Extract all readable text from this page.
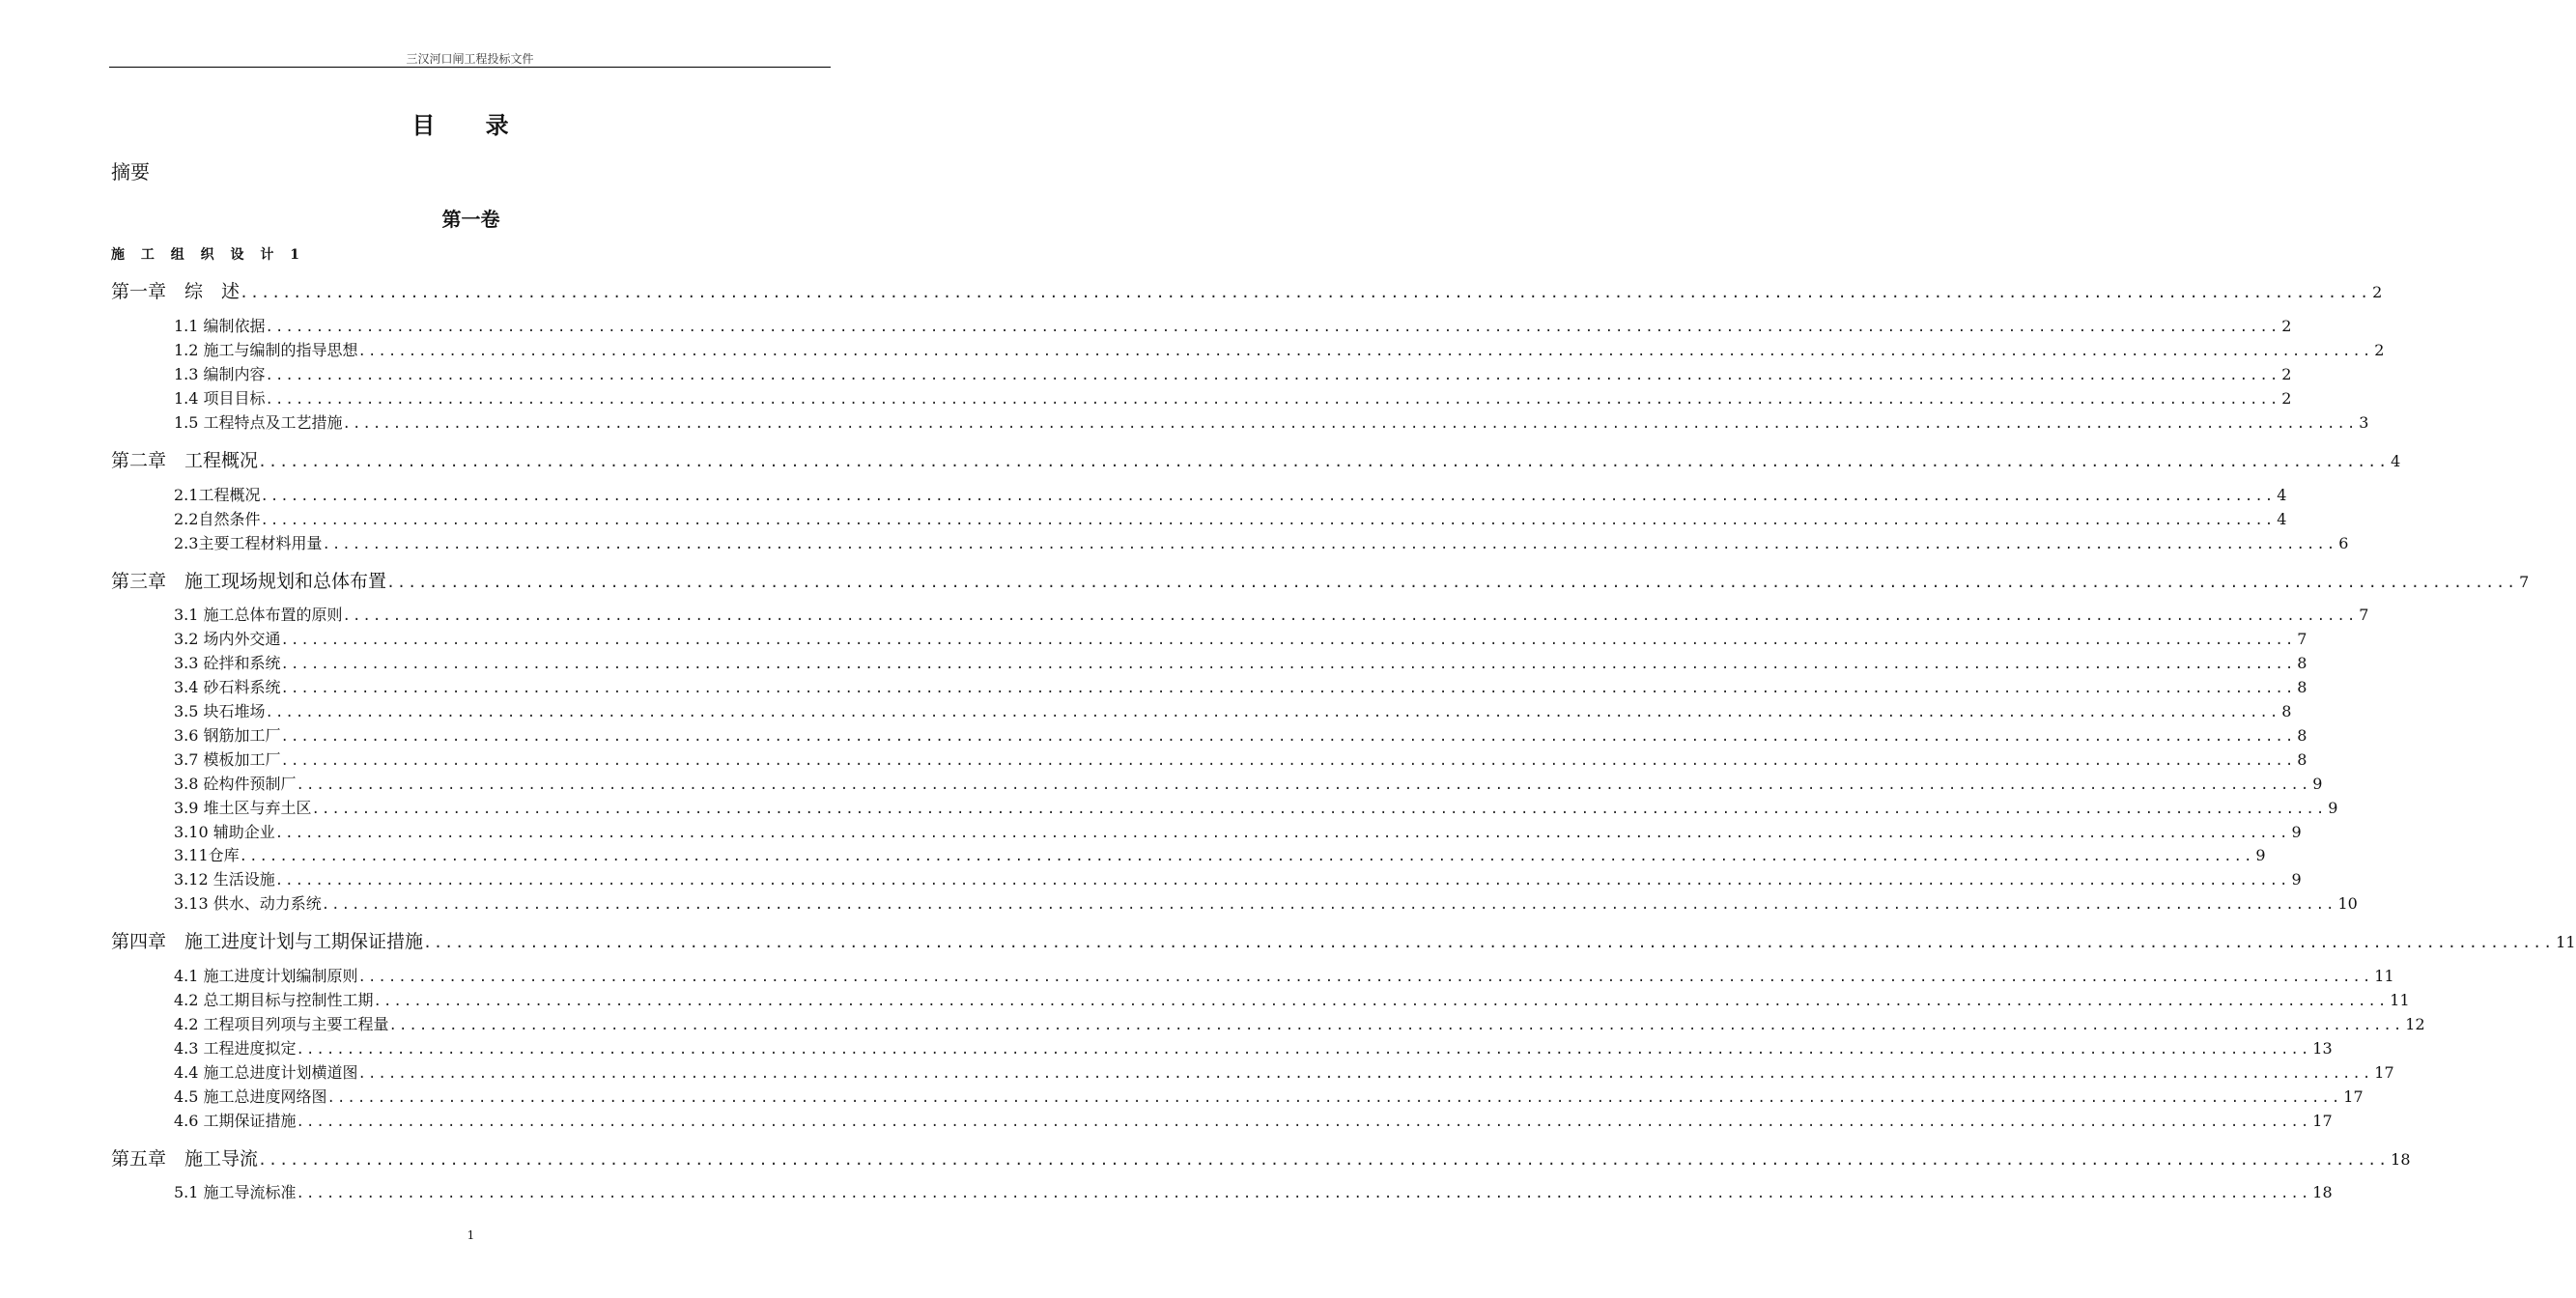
三汉河口闸工程投标文件
目 录
摘要
第一卷
施 工 组 织 设 计 1
第一章　综　述 ........................................................................................................................................................................................................ 2
1.1 编制依据 ........................................................................................................................................................................................................ 2
1.2 施工与编制的指导思想 ........................................................................................................................................................................................................ 2
1.3 编制内容 ........................................................................................................................................................................................................ 2
1.4 项目目标 ........................................................................................................................................................................................................ 2
1.5 工程特点及工艺措施 ........................................................................................................................................................................................................ 3
第二章　工程概况 ........................................................................................................................................................................................................ 4
2.1工程概况 ........................................................................................................................................................................................................ 4
2.2自然条件 ........................................................................................................................................................................................................ 4
2.3主要工程材料用量 ........................................................................................................................................................................................................ 6
第三章　施工现场规划和总体布置 ........................................................................................................................................................................................................ 7
3.1 施工总体布置的原则 ........................................................................................................................................................................................................ 7
3.2 场内外交通 ........................................................................................................................................................................................................ 7
3.3 砼拌和系统 ........................................................................................................................................................................................................ 8
3.4 砂石料系统 ........................................................................................................................................................................................................ 8
3.5 块石堆场 ........................................................................................................................................................................................................ 8
3.6 钢筋加工厂 ........................................................................................................................................................................................................ 8
3.7 模板加工厂 ........................................................................................................................................................................................................ 8
3.8 砼构件预制厂 ........................................................................................................................................................................................................ 9
3.9 堆土区与弃土区 ........................................................................................................................................................................................................ 9
3.10 辅助企业 ........................................................................................................................................................................................................ 9
3.11仓库 ........................................................................................................................................................................................................ 9
3.12 生活设施 ........................................................................................................................................................................................................ 9
3.13 供水、动力系统 ........................................................................................................................................................................................................ 10
第四章　施工进度计划与工期保证措施 ........................................................................................................................................................................................................ 11
4.1 施工进度计划编制原则 ........................................................................................................................................................................................................ 11
4.2 总工期目标与控制性工期 ........................................................................................................................................................................................................ 11
4.2 工程项目列项与主要工程量 ........................................................................................................................................................................................................ 12
4.3 工程进度拟定 ........................................................................................................................................................................................................ 13
4.4 施工总进度计划横道图 ........................................................................................................................................................................................................ 17
4.5 施工总进度网络图 ........................................................................................................................................................................................................ 17
4.6 工期保证措施 ........................................................................................................................................................................................................ 17
第五章　施工导流 ........................................................................................................................................................................................................ 18
5.1 施工导流标准 ........................................................................................................................................................................................................ 18
1
